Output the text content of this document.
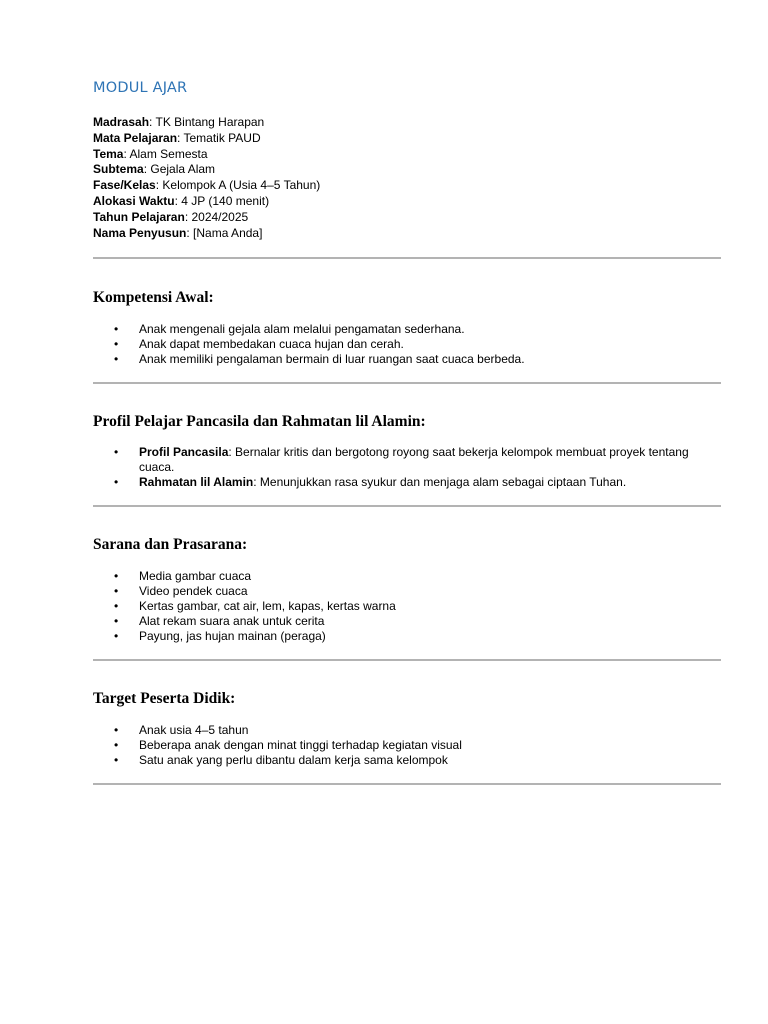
MODUL AJAR
Madrasah: TK Bintang Harapan
Mata Pelajaran: Tematik PAUD
Tema: Alam Semesta
Subtema: Gejala Alam
Fase/Kelas: Kelompok A (Usia 4–5 Tahun)
Alokasi Waktu: 4 JP (140 menit)
Tahun Pelajaran: 2024/2025
Nama Penyusun: [Nama Anda]
Kompetensi Awal:
• Anak mengenali gejala alam melalui pengamatan sederhana.
• Anak dapat membedakan cuaca hujan dan cerah.
• Anak memiliki pengalaman bermain di luar ruangan saat cuaca berbeda.
Profil Pelajar Pancasila dan Rahmatan lil Alamin:
• Profil Pancasila: Bernalar kritis dan bergotong royong saat bekerja kelompok membuat proyek tentang cuaca.
• Rahmatan lil Alamin: Menunjukkan rasa syukur dan menjaga alam sebagai ciptaan Tuhan.
Sarana dan Prasarana:
• Media gambar cuaca
• Video pendek cuaca
• Kertas gambar, cat air, lem, kapas, kertas warna
• Alat rekam suara anak untuk cerita
• Payung, jas hujan mainan (peraga)
Target Peserta Didik:
• Anak usia 4–5 tahun
• Beberapa anak dengan minat tinggi terhadap kegiatan visual
• Satu anak yang perlu dibantu dalam kerja sama kelompok
